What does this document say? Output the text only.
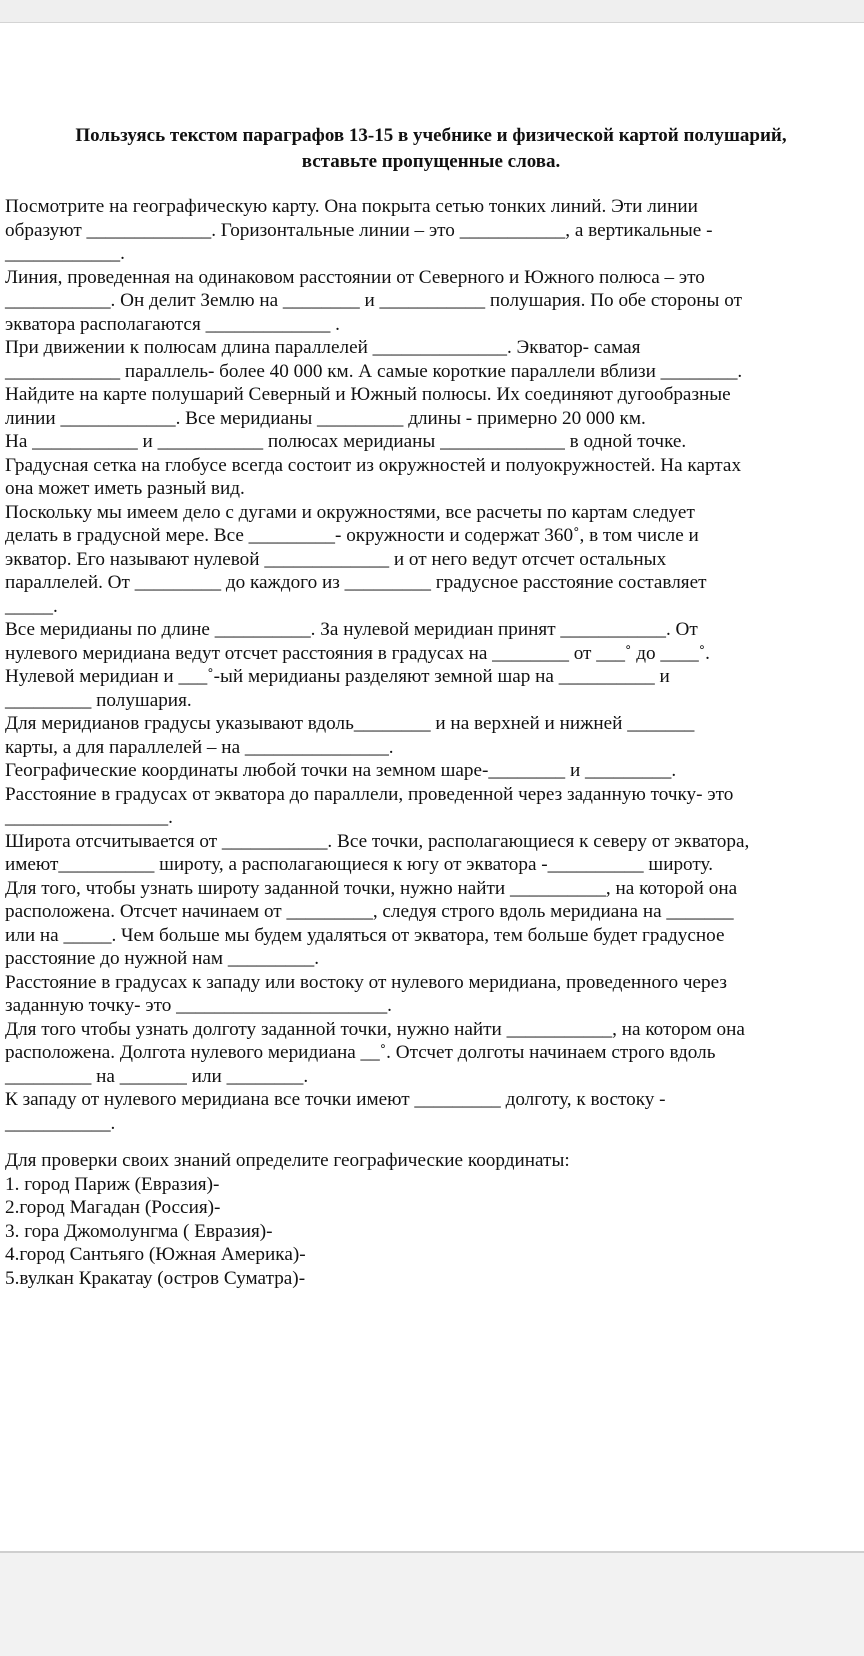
Пользуясь текстом параграфов 13-15 в учебнике и физической картой полушарий,
вставьте пропущенные слова.
Посмотрите на географическую карту. Она покрыта сетью тонких линий. Эти линии
образуют _____________. Горизонтальные линии – это ___________, а вертикальные -
____________.
Линия, проведенная на одинаковом расстоянии от Северного и Южного полюса – это
___________. Он делит Землю на ________ и ___________ полушария. По обе стороны от
экватора располагаются _____________ .
При движении к полюсам длина параллелей ______________. Экватор- самая
____________ параллель- более 40 000 км. А самые короткие параллели вблизи ________.
Найдите на карте полушарий Северный и Южный полюсы. Их соединяют дугообразные
линии ____________. Все меридианы _________ длины - примерно 20 000 км.
На ___________ и ___________ полюсах меридианы _____________ в одной точке.
Градусная сетка на глобусе всегда состоит из окружностей и полуокружностей. На картах
она может иметь разный вид.
Поскольку мы имеем дело с дугами и окружностями, все расчеты по картам следует
делать в градусной мере. Все _________- окружности и содержат 360˚, в том числе и
экватор. Его называют нулевой _____________ и от него ведут отсчет остальных
параллелей. От _________ до каждого из _________ градусное расстояние составляет
_____.
Все меридианы по длине __________. За нулевой меридиан принят ___________. От
нулевого меридиана ведут отсчет расстояния в градусах на ________ от ___˚ до ____˚.
Нулевой меридиан и ___˚-ый меридианы разделяют земной шар на __________ и
_________ полушария.
Для меридианов градусы указывают вдоль________ и на верхней и нижней _______
карты, а для параллелей – на _______________.
Географические координаты любой точки на земном шаре-________ и _________.
Расстояние в градусах от экватора до параллели, проведенной через заданную точку- это
_________________.
Широта отсчитывается от ___________. Все точки, располагающиеся к северу от экватора,
имеют__________ широту, а располагающиеся к югу от экватора -__________ широту.
Для того, чтобы узнать широту заданной точки, нужно найти __________, на которой она
расположена. Отсчет начинаем от _________, следуя строго вдоль меридиана на _______
или на _____. Чем больше мы будем удаляться от экватора, тем больше будет градусное
расстояние до нужной нам _________.
Расстояние в градусах к западу или востоку от нулевого меридиана, проведенного через
заданную точку- это ______________________.
Для того чтобы узнать долготу заданной точки, нужно найти ___________, на котором она
расположена. Долгота нулевого меридиана __˚. Отсчет долготы начинаем строго вдоль
_________ на _______ или ________.
К западу от нулевого меридиана все точки имеют _________ долготу, к востоку -
___________.
Для проверки своих знаний определите географические координаты:
1. город Париж (Евразия)-
2.город Магадан (Россия)-
3. гора Джомолунгма ( Евразия)-
4.город Сантьяго (Южная Америка)-
5.вулкан Кракатау (остров Суматра)-
